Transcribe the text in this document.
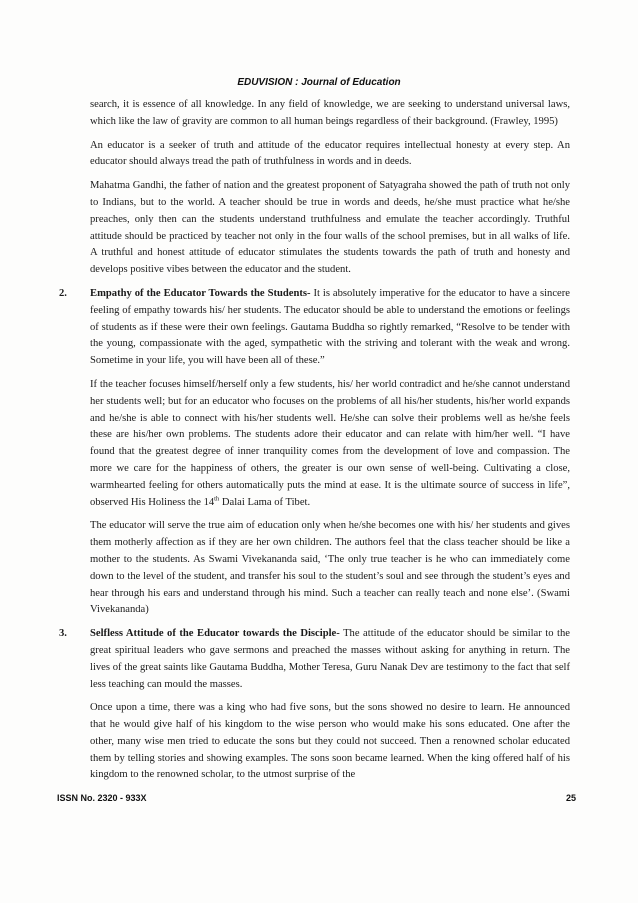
EDUVISION : Journal of Education

search, it is essence of all knowledge. In any field of knowledge, we are seeking to understand universal laws, which like the law of gravity are common to all human beings regardless of their background. (Frawley, 1995)

An educator is a seeker of truth and attitude of the educator requires intellectual honesty at every step. An educator should always tread the path of truthfulness in words and in deeds.

Mahatma Gandhi, the father of nation and the greatest proponent of Satyagraha showed the path of truth not only to Indians, but to the world. A teacher should be true in words and deeds, he/she must practice what he/she preaches, only then can the students understand truthfulness and emulate the teacher accordingly. Truthful attitude should be practiced by teacher not only in the four walls of the school premises, but in all walks of life. A truthful and honest attitude of educator stimulates the students towards the path of truth and honesty and develops positive vibes between the educator and the student.

2. Empathy of the Educator Towards the Students- It is absolutely imperative for the educator to have a sincere feeling of empathy towards his/ her students. The educator should be able to understand the emotions or feelings of students as if these were their own feelings. Gautama Buddha so rightly remarked, “Resolve to be tender with the young, compassionate with the aged, sympathetic with the striving and tolerant with the weak and wrong. Sometime in your life, you will have been all of these.”

If the teacher focuses himself/herself only a few students, his/ her world contradict and he/she cannot understand her students well; but for an educator who focuses on the problems of all his/her students, his/her world expands and he/she is able to connect with his/her students well. He/she can solve their problems well as he/she feels these are his/her own problems. The students adore their educator and can relate with him/her well. “I have found that the greatest degree of inner tranquility comes from the development of love and compassion. The more we care for the happiness of others, the greater is our own sense of well-being. Cultivating a close, warmhearted feeling for others automatically puts the mind at ease. It is the ultimate source of success in life”, observed His Holiness the 14th Dalai Lama of Tibet.

The educator will serve the true aim of education only when he/she becomes one with his/ her students and gives them motherly affection as if they are her own children. The authors feel that the class teacher should be like a mother to the students. As Swami Vivekananda said, ‘The only true teacher is he who can immediately come down to the level of the student, and transfer his soul to the student’s soul and see through the student’s eyes and hear through his ears and understand through his mind. Such a teacher can really teach and none else’. (Swami Vivekananda)

3. Selfless Attitude of the Educator towards the Disciple- The attitude of the educator should be similar to the great spiritual leaders who gave sermons and preached the masses without asking for anything in return. The lives of the great saints like Gautama Buddha, Mother Teresa, Guru Nanak Dev are testimony to the fact that self less teaching can mould the masses.

Once upon a time, there was a king who had five sons, but the sons showed no desire to learn. He announced that he would give half of his kingdom to the wise person who would make his sons educated. One after the other, many wise men tried to educate the sons but they could not succeed. Then a renowned scholar educated them by telling stories and showing examples. The sons soon became learned. When the king offered half of his kingdom to the renowned scholar, to the utmost surprise of the

ISSN No. 2320 - 933X	25
